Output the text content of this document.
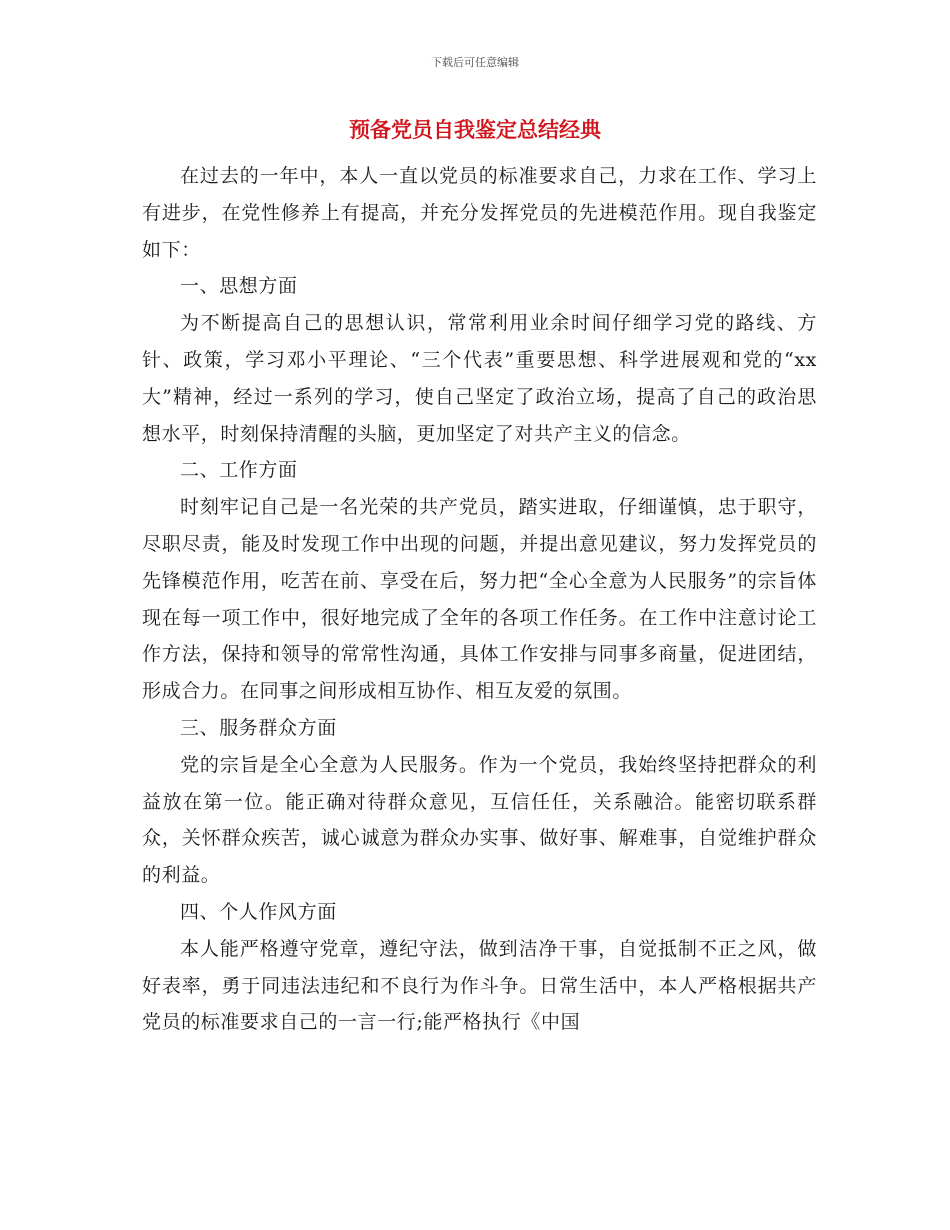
下载后可任意编辑
预备党员自我鉴定总结经典

在过去的一年中，本人一直以党员的标准要求自己，力求在工作、学习上有进步，在党性修养上有提高，并充分发挥党员的先进模范作用。现自我鉴定如下：

一、思想方面

为不断提高自己的思想认识，常常利用业余时间仔细学习党的路线、方针、政策，学习邓小平理论、“三个代表”重要思想、科学进展观和党的“xx大”精神，经过一系列的学习，使自己坚定了政治立场，提高了自己的政治思想水平，时刻保持清醒的头脑，更加坚定了对共产主义的信念。

二、工作方面

时刻牢记自己是一名光荣的共产党员，踏实进取，仔细谨慎，忠于职守，尽职尽责，能及时发现工作中出现的问题，并提出意见建议，努力发挥党员的先锋模范作用，吃苦在前、享受在后，努力把“全心全意为人民服务”的宗旨体现在每一项工作中，很好地完成了全年的各项工作任务。在工作中注意讨论工作方法，保持和领导的常常性沟通，具体工作安排与同事多商量，促进团结，形成合力。在同事之间形成相互协作、相互友爱的氛围。

三、服务群众方面

党的宗旨是全心全意为人民服务。作为一个党员，我始终坚持把群众的利益放在第一位。能正确对待群众意见，互信任任，关系融洽。能密切联系群众，关怀群众疾苦，诚心诚意为群众办实事、做好事、解难事，自觉维护群众的利益。

四、个人作风方面

本人能严格遵守党章，遵纪守法，做到洁净干事，自觉抵制不正之风，做好表率，勇于同违法违纪和不良行为作斗争。日常生活中，本人严格根据共产党员的标准要求自己的一言一行;能严格执行《中国
